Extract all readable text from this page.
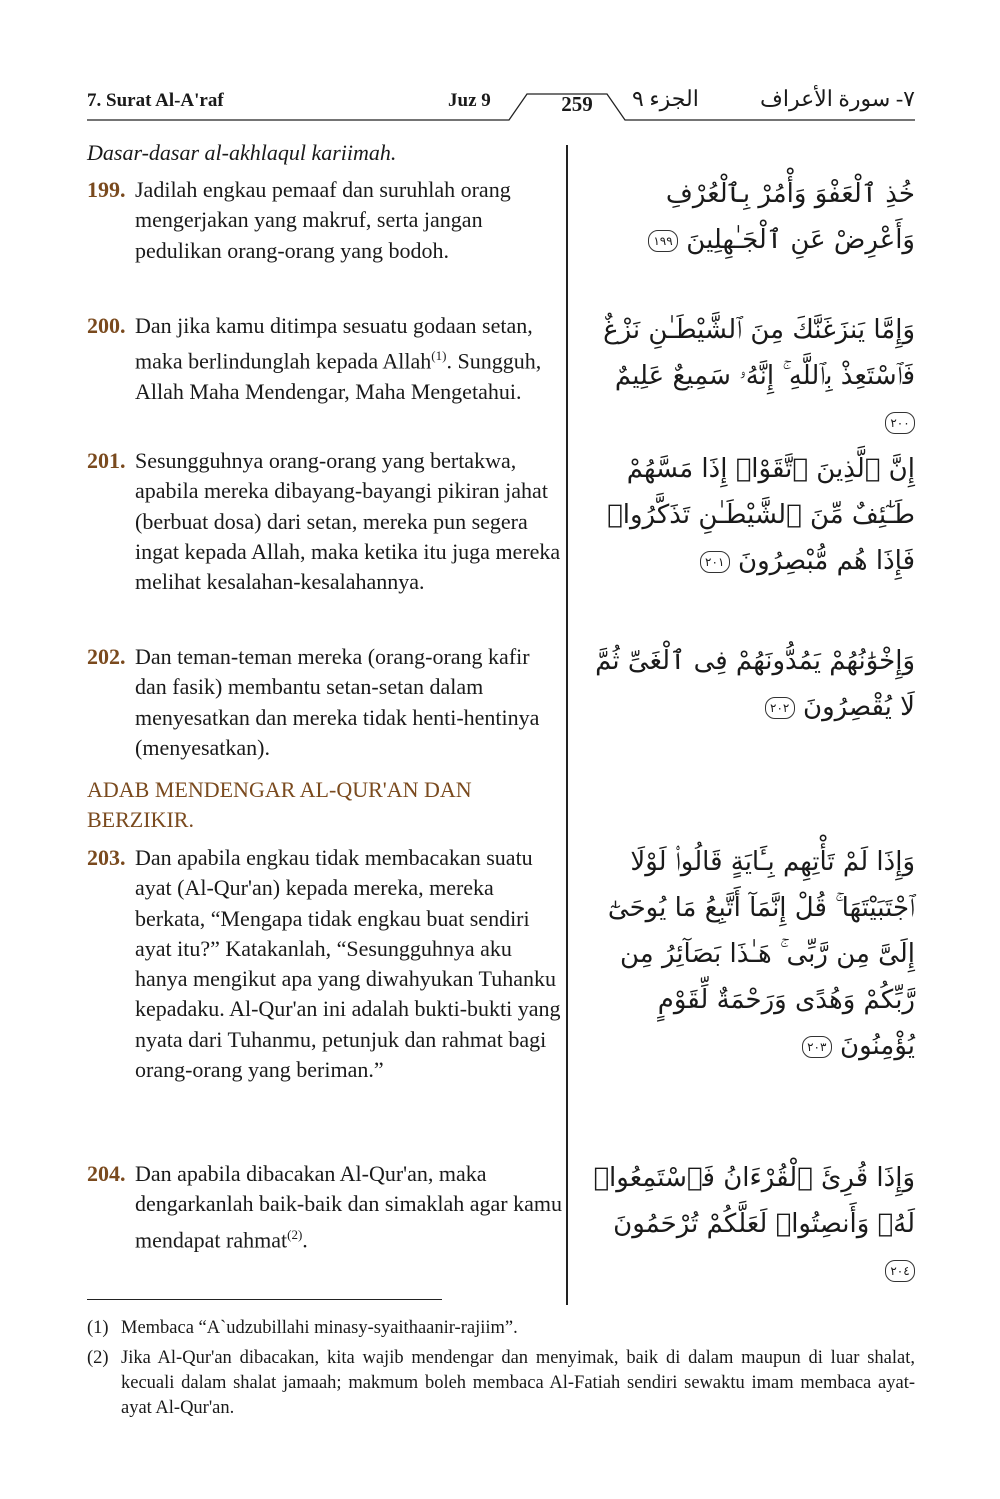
7. Surat Al-A'raf	Juz 9	259	الجزء ٩	٧- سورة الأعراف
Dasar-dasar al-akhlaqul kariimah.
199. Jadilah engkau pemaaf dan suruhlah orang mengerjakan yang makruf, serta jangan pedulikan orang-orang yang bodoh.
خُذِ ٱلْعَفْوَ وَأْمُرْ بِٱلْعُرْفِ وَأَعْرِضْ عَنِ ٱلْجَـٰهِلِينَ ١٩٩
200. Dan jika kamu ditimpa sesuatu godaan setan, maka berlindunglah kepada Allah$^{(1)}$. Sungguh, Allah Maha Mendengar, Maha Mengetahui.
وَإِمَّا يَنزَغَنَّكَ مِنَ ٱلشَّيْطَـٰنِ نَزْغٌ فَٱسْتَعِذْ بِٱللَّهِ ۚ إِنَّهُۥ سَمِيعٌ عَلِيمٌ ٢٠٠
201. Sesungguhnya orang-orang yang bertakwa, apabila mereka dibayang-bayangi pikiran jahat (berbuat dosa) dari setan, mereka pun segera ingat kepada Allah, maka ketika itu juga mereka melihat kesalahan-kesalahannya.
إِنَّ ٱلَّذِينَ ٱتَّقَوْا۟ إِذَا مَسَّهُمْ طَـٰٓئِفٌ مِّنَ ٱلشَّيْطَـٰنِ تَذَكَّرُوا۟ فَإِذَا هُم مُّبْصِرُونَ ٢٠١
202. Dan teman-teman mereka (orang-orang kafir dan fasik) membantu setan-setan dalam menyesatkan dan mereka tidak henti-hentinya (menyesatkan).
وَإِخْوَٰنُهُمْ يَمُدُّونَهُمْ فِى ٱلْغَىِّ ثُمَّ لَا يُقْصِرُونَ ٢٠٢
ADAB MENDENGAR AL-QUR'AN DAN BERZIKIR.
203. Dan apabila engkau tidak membacakan suatu ayat (Al-Qur'an) kepada mereka, mereka berkata, “Mengapa tidak engkau buat sendiri ayat itu?” Katakanlah, “Sesungguhnya aku hanya mengikut apa yang diwahyukan Tuhanku kepadaku. Al-Qur'an ini adalah bukti-bukti yang nyata dari Tuhanmu, petunjuk dan rahmat bagi orang-orang yang beriman.”
وَإِذَا لَمْ تَأْتِهِم بِـَٔايَةٍ قَالُوا۟ لَوْلَا ٱجْتَبَيْتَهَا ۚ قُلْ إِنَّمَآ أَتَّبِعُ مَا يُوحَىٰٓ إِلَىَّ مِن رَّبِّى ۚ هَـٰذَا بَصَآئِرُ مِن رَّبِّكُمْ وَهُدًى وَرَحْمَةٌ لِّقَوْمٍ يُؤْمِنُونَ ٢٠٣
204. Dan apabila dibacakan Al-Qur'an, maka dengarkanlah baik-baik dan simaklah agar kamu mendapat rahmat$^{(2)}$.
وَإِذَا قُرِئَ ٱلْقُرْءَانُ فَٱسْتَمِعُوا۟ لَهُۥ وَأَنصِتُوا۟ لَعَلَّكُمْ تُرْحَمُونَ ٢٠٤
(1) Membaca “A`udzubillahi minasy-syaithaanir-rajiim”.
(2) Jika Al-Qur'an dibacakan, kita wajib mendengar dan menyimak, baik di dalam maupun di luar shalat, kecuali dalam shalat jamaah; makmum boleh membaca Al-Fatiah sendiri sewaktu imam membaca ayat-ayat Al-Qur'an.
